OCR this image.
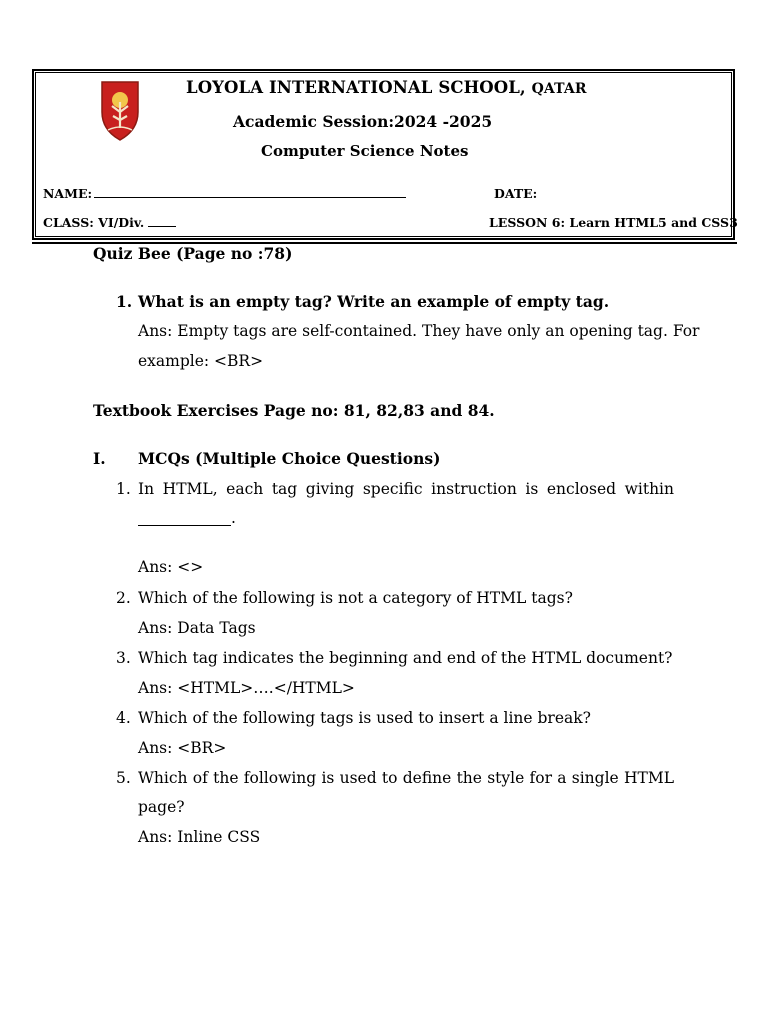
LOYOLA INTERNATIONAL SCHOOL, QATAR
Academic Session:2024 -2025
Computer Science Notes
NAME:	DATE:
CLASS: VI/Div.	LESSON 6: Learn HTML5 and CSS3
Quiz Bee (Page no :78)
1. What is an empty tag? Write an example of empty tag.
Ans: Empty tags are self-contained. They have only an opening tag. For
example: <BR>
Textbook Exercises Page no: 81, 82,83 and 84.
I. MCQs (Multiple Choice Questions)
1. In HTML, each tag giving specific instruction is enclosed within
.
Ans: <>
2. Which of the following is not a category of HTML tags?
Ans: Data Tags
3. Which tag indicates the beginning and end of the HTML document?
Ans: <HTML>….</HTML>
4. Which of the following tags is used to insert a line break?
Ans: <BR>
5. Which of the following is used to define the style for a single HTML
page?
Ans: Inline CSS
